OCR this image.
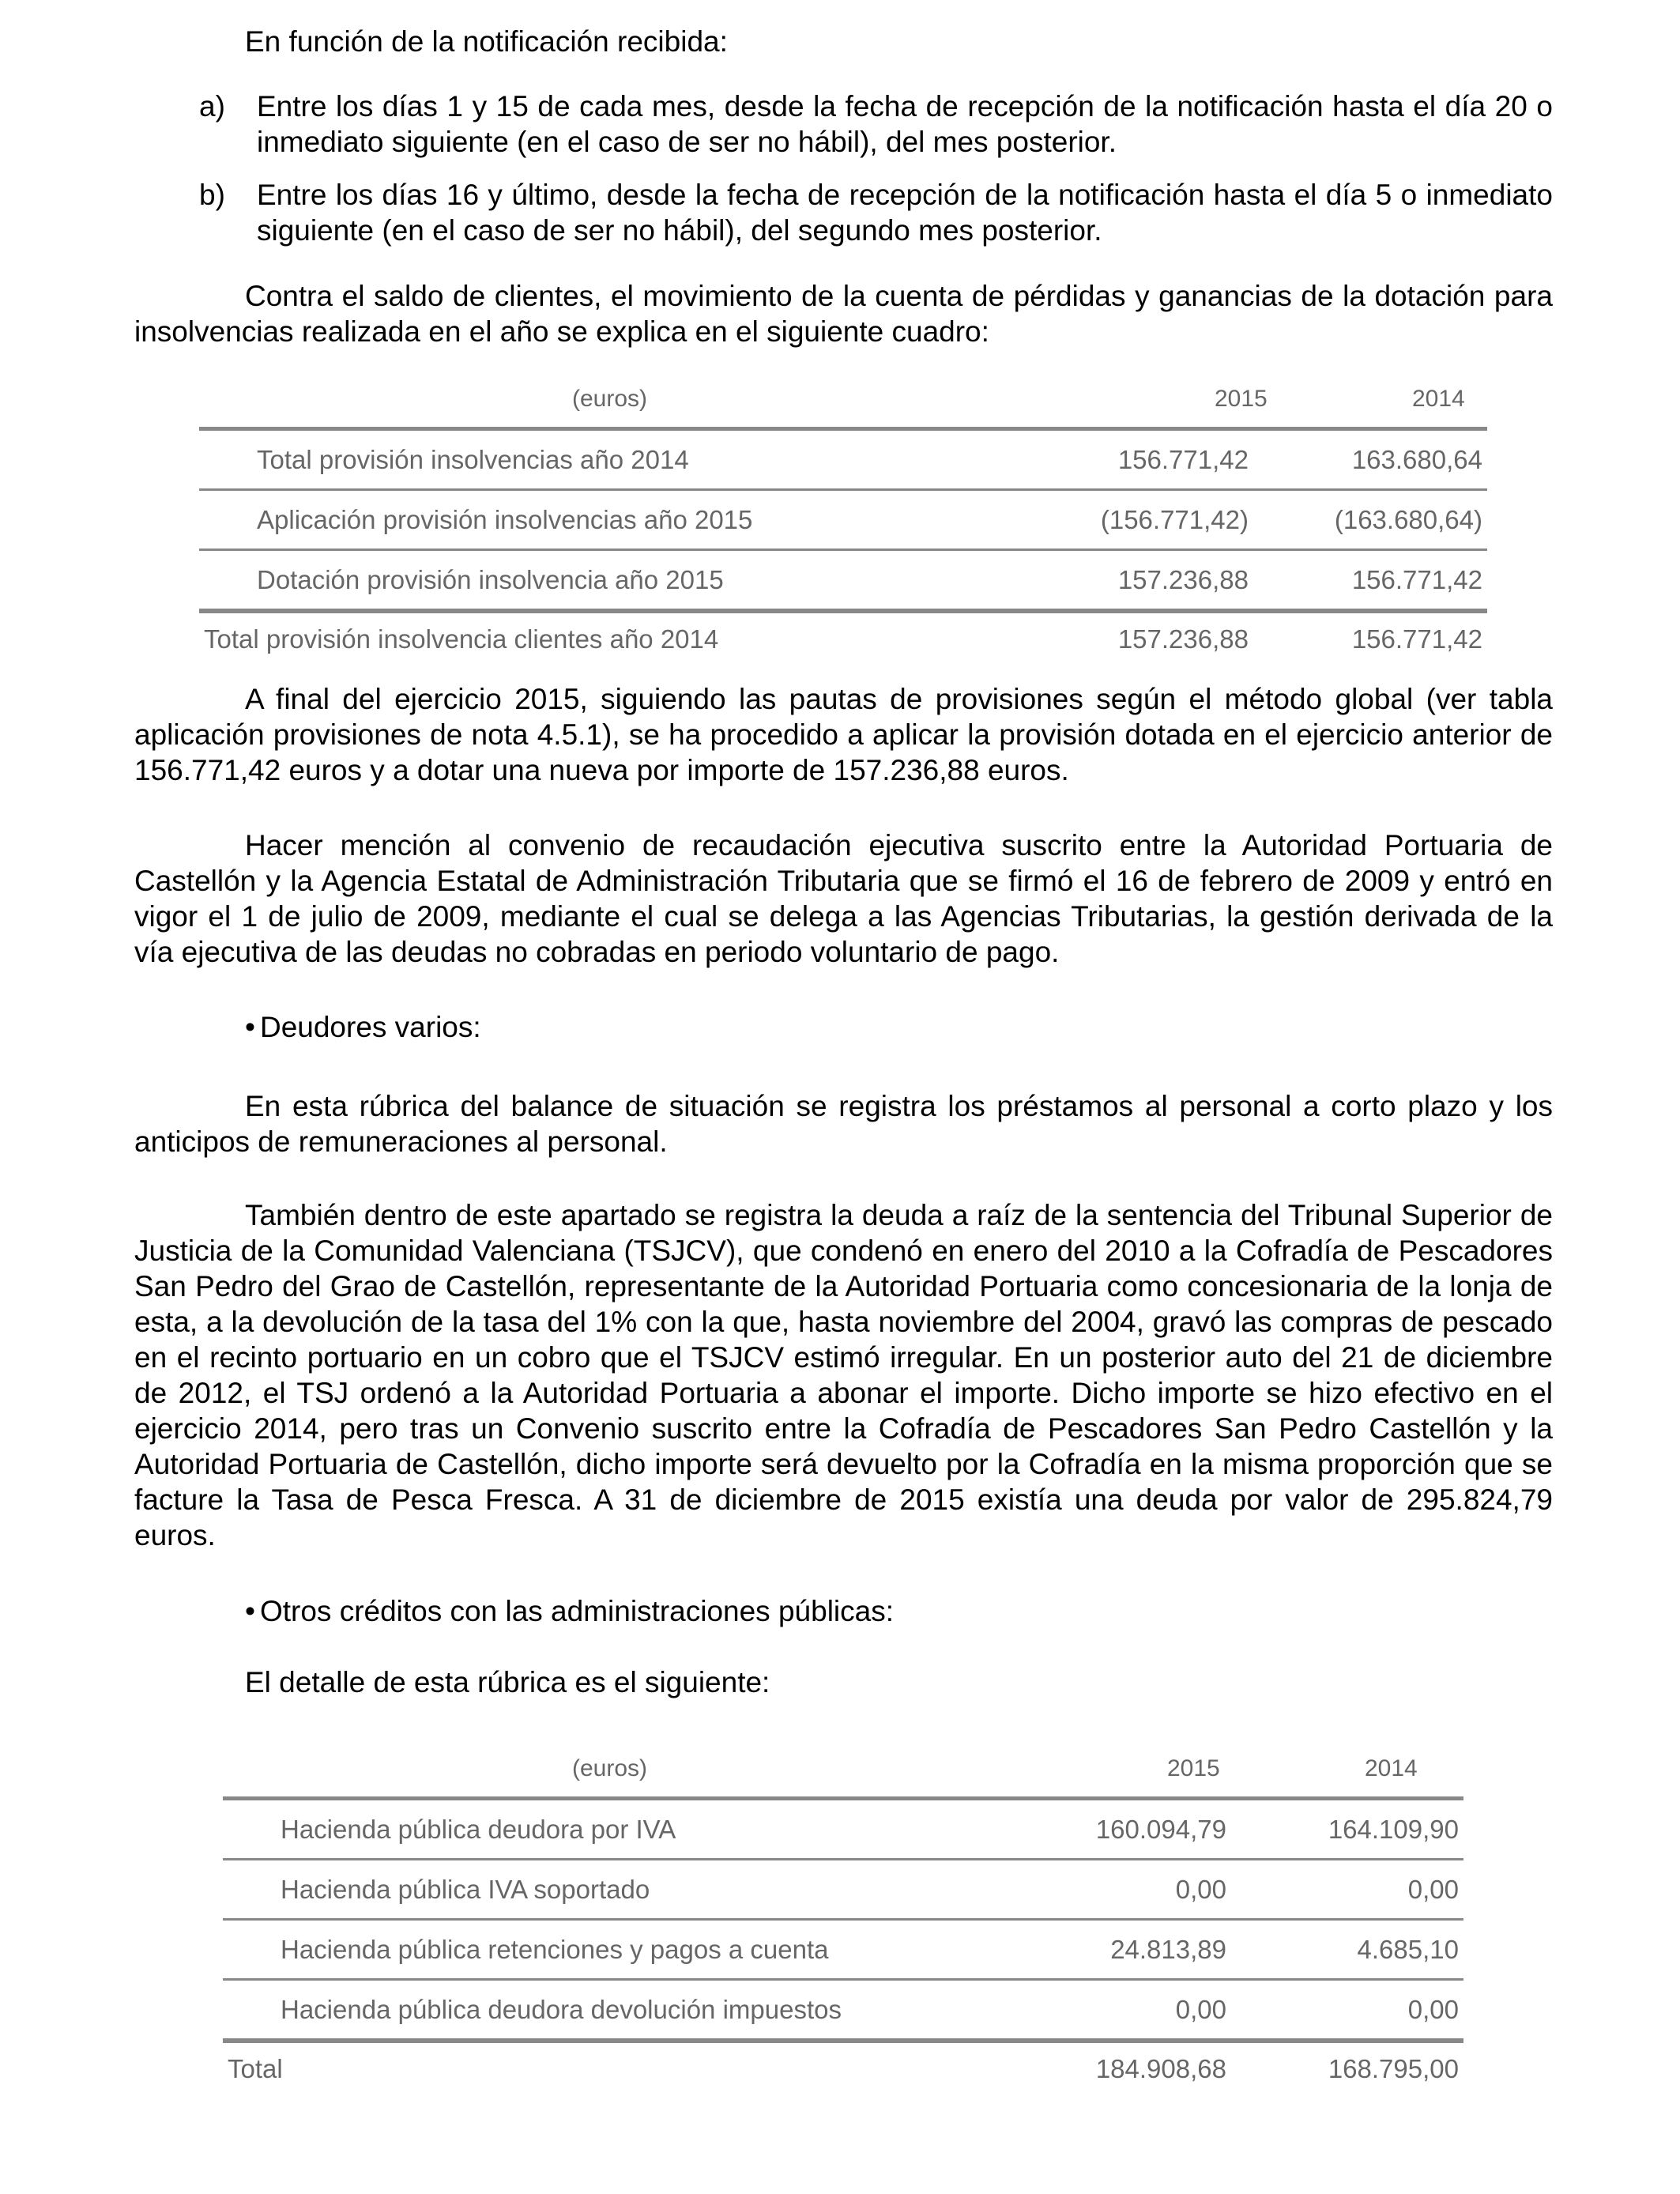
En función de la notificación recibida:

a) Entre los días 1 y 15 de cada mes, desde la fecha de recepción de la notificación hasta el día 20 o inmediato siguiente (en el caso de ser no hábil), del mes posterior.
b) Entre los días 16 y último, desde la fecha de recepción de la notificación hasta el día 5 o inmediato siguiente (en el caso de ser no hábil), del segundo mes posterior.

Contra el saldo de clientes, el movimiento de la cuenta de pérdidas y ganancias de la dotación para insolvencias realizada en el año se explica en el siguiente cuadro:

(euros)	2015	2014
Total provisión insolvencias año 2014	156.771,42	163.680,64
Aplicación provisión insolvencias año 2015	(156.771,42)	(163.680,64)
Dotación provisión insolvencia año 2015	157.236,88	156.771,42
Total provisión insolvencia clientes año 2014	157.236,88	156.771,42

A final del ejercicio 2015, siguiendo las pautas de provisiones según el método global (ver tabla aplicación provisiones de nota 4.5.1), se ha procedido a aplicar la provisión dotada en el ejercicio anterior de 156.771,42 euros y a dotar una nueva por importe de 157.236,88 euros.

Hacer mención al convenio de recaudación ejecutiva suscrito entre la Autoridad Portuaria de Castellón y la Agencia Estatal de Administración Tributaria que se firmó el 16 de febrero de 2009 y entró en vigor el 1 de julio de 2009, mediante el cual se delega a las Agencias Tributarias, la gestión derivada de la vía ejecutiva de las deudas no cobradas en periodo voluntario de pago.

• Deudores varios:

En esta rúbrica del balance de situación se registra los préstamos al personal a corto plazo y los anticipos de remuneraciones al personal.

También dentro de este apartado se registra la deuda a raíz de la sentencia del Tribunal Superior de Justicia de la Comunidad Valenciana (TSJCV), que condenó en enero del 2010 a la Cofradía de Pescadores San Pedro del Grao de Castellón, representante de la Autoridad Portuaria como concesionaria de la lonja de esta, a la devolución de la tasa del 1% con la que, hasta noviembre del 2004, gravó las compras de pescado en el recinto portuario en un cobro que el TSJCV estimó irregular. En un posterior auto del 21 de diciembre de 2012, el TSJ ordenó a la Autoridad Portuaria a abonar el importe. Dicho importe se hizo efectivo en el ejercicio 2014, pero tras un Convenio suscrito entre la Cofradía de Pescadores San Pedro Castellón y la Autoridad Portuaria de Castellón, dicho importe será devuelto por la Cofradía en la misma proporción que se facture la Tasa de Pesca Fresca. A 31 de diciembre de 2015 existía una deuda por valor de 295.824,79 euros.

• Otros créditos con las administraciones públicas:

El detalle de esta rúbrica es el siguiente:

(euros)	2015	2014
Hacienda pública deudora por IVA	160.094,79	164.109,90
Hacienda pública IVA soportado	0,00	0,00
Hacienda pública retenciones y pagos a cuenta	24.813,89	4.685,10
Hacienda pública deudora devolución impuestos	0,00	0,00
Total	184.908,68	168.795,00
